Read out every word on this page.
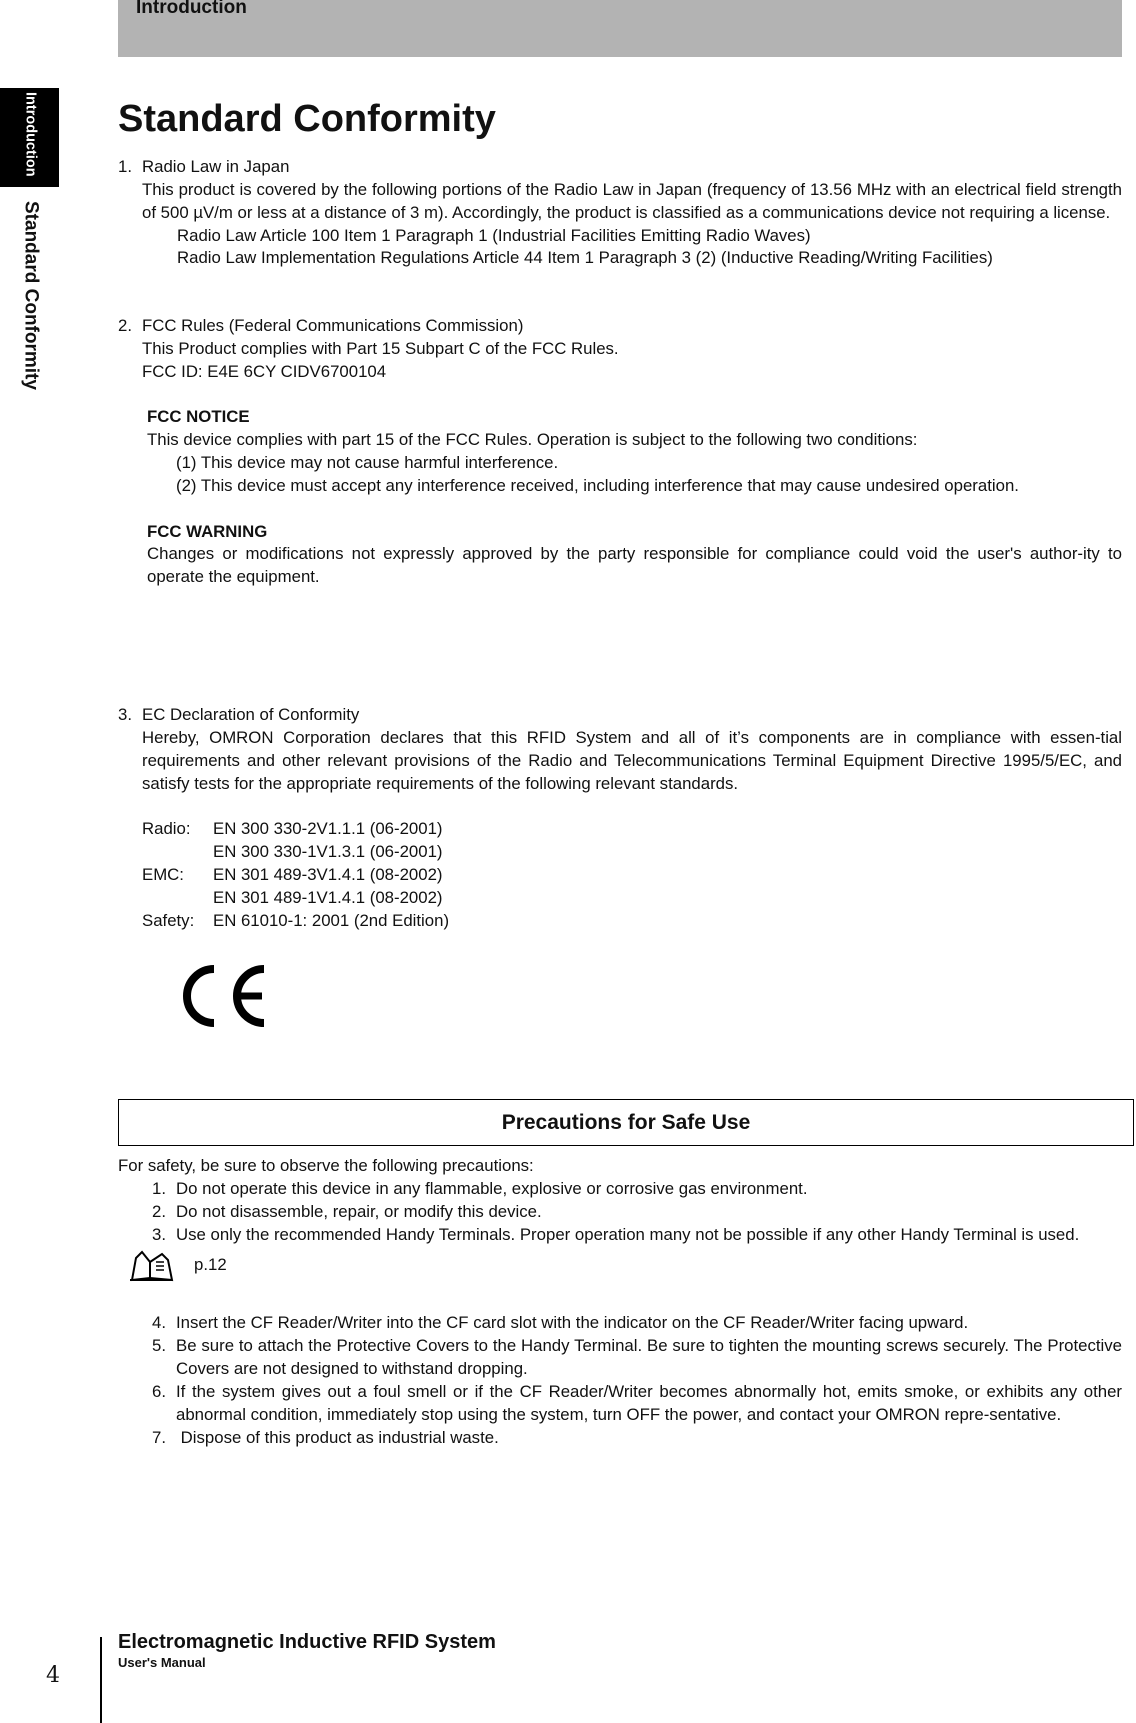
Introduction
Introduction
Standard Conformity
Standard Conformity
1. Radio Law in Japan
This product is covered by the following portions of the Radio Law in Japan (frequency of 13.56 MHz with an electrical field strength of 500 µV/m or less at a distance of 3 m). Accordingly, the product is classified as a communications device not requiring a license.
Radio Law Article 100 Item 1 Paragraph 1 (Industrial Facilities Emitting Radio Waves)
Radio Law Implementation Regulations Article 44 Item 1 Paragraph 3 (2) (Inductive Reading/Writing Facilities)
2. FCC Rules (Federal Communications Commission)
This Product complies with Part 15 Subpart C of the FCC Rules.
FCC ID: E4E 6CY CIDV6700104
FCC NOTICE
This device complies with part 15 of the FCC Rules. Operation is subject to the following two conditions:
(1) This device may not cause harmful interference.
(2) This device must accept any interference received, including interference that may cause undesired operation.
FCC WARNING
Changes or modifications not expressly approved by the party responsible for compliance could void the user's author-ity to operate the equipment.
3. EC Declaration of Conformity
Hereby, OMRON Corporation declares that this RFID System and all of it’s components are in compliance with essen-tial requirements and other relevant provisions of the Radio and Telecommunications Terminal Equipment Directive 1995/5/EC, and satisfy tests for the appropriate requirements of the following relevant standards.
Radio:	EN 300 330-2V1.1.1 (06-2001)
EN 300 330-1V1.3.1 (06-2001)
EMC:	EN 301 489-3V1.4.1 (08-2002)
EN 301 489-1V1.4.1 (08-2002)
Safety:	EN 61010-1: 2001 (2nd Edition)
Precautions for Safe Use
For safety, be sure to observe the following precautions:
1. Do not operate this device in any flammable, explosive or corrosive gas environment.
2. Do not disassemble, repair, or modify this device.
3. Use only the recommended Handy Terminals. Proper operation many not be possible if any other Handy Terminal is used.
p.12
4. Insert the CF Reader/Writer into the CF card slot with the indicator on the CF Reader/Writer facing upward.
5. Be sure to attach the Protective Covers to the Handy Terminal. Be sure to tighten the mounting screws securely. The Protective Covers are not designed to withstand dropping.
6. If the system gives out a foul smell or if the CF Reader/Writer becomes abnormally hot, emits smoke, or exhibits any other abnormal condition, immediately stop using the system, turn OFF the power, and contact your OMRON repre-sentative.
7. Dispose of this product as industrial waste.
4
Electromagnetic Inductive RFID System
User's Manual
